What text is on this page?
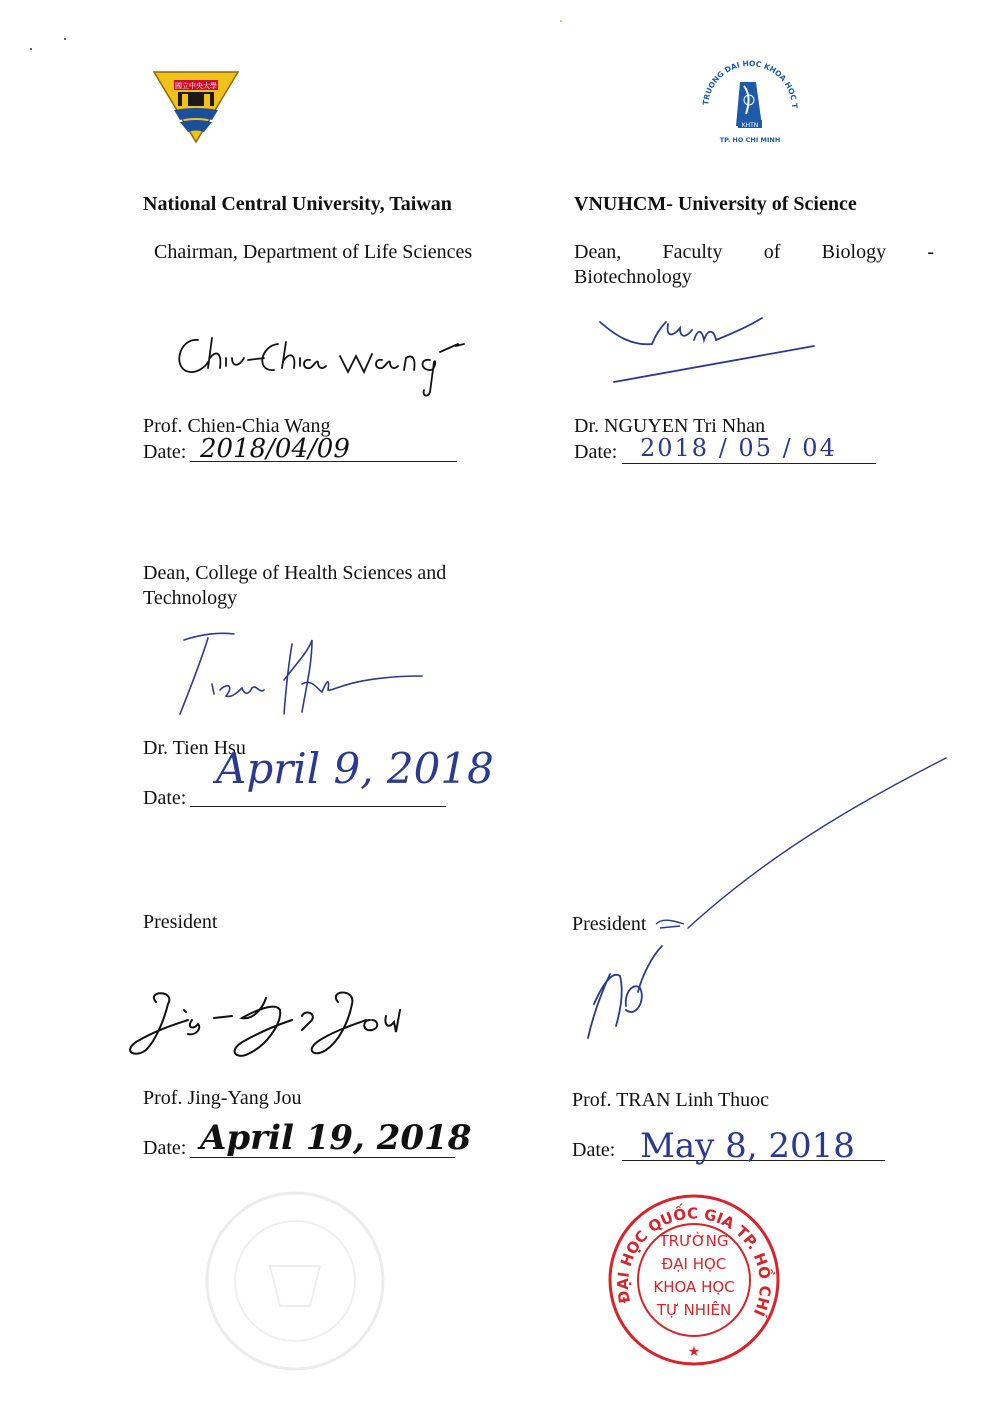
國立中央大學
TRUONG DAI HOC KHOA HOC TU NHIEN
KHTN
TP. HO CHI MINH
National Central University, Taiwan	VNUHCM- University of Science
Chairman, Department of Life Sciences
Prof. Chien-Chia Wang
Date: 2018/04/09
Dean, Faculty of Biology -
Biotechnology
Dr. NGUYEN Tri Nhan
Date: 2018 / 05 / 04
Dean, College of Health Sciences and
Technology
Dr. Tien Hsu
Date:
April 9, 2018
President
Prof. Jing-Yang Jou
Date: April 19, 2018
President
Prof. TRAN Linh Thuoc
Date: May 8, 2018
ĐẠI HỌC QUỐC GIA TP. HỒ CHÍ MINH
★
TRƯỜNG
ĐẠI HỌC
KHOA HỌC
TỰ NHIÊN
